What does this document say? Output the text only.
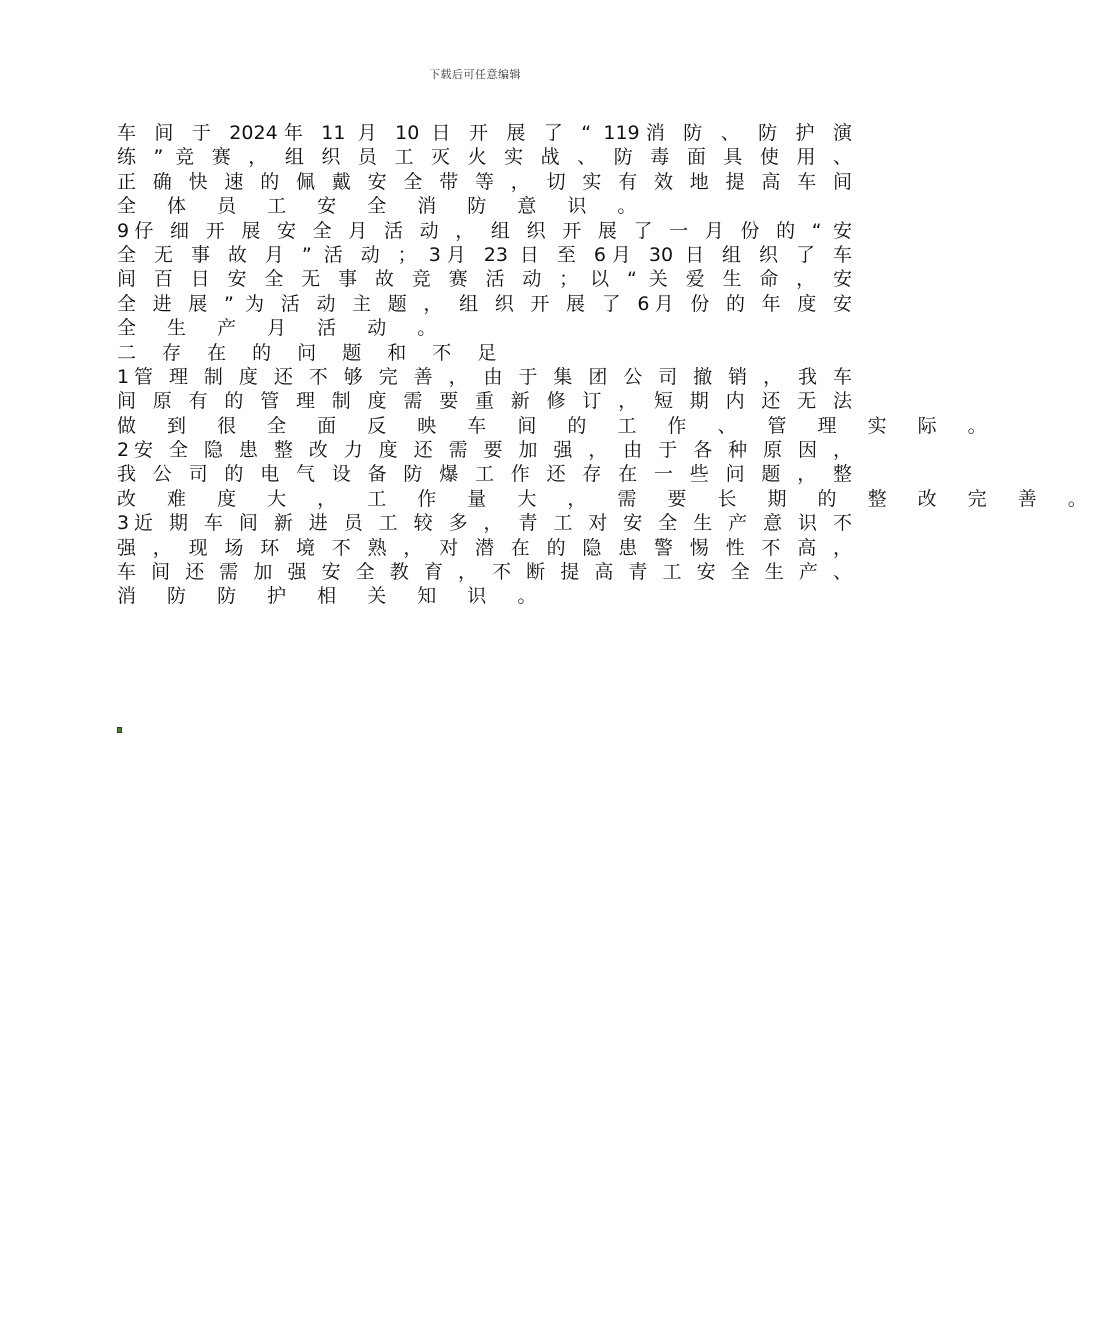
下载后可任意编辑
车 间 于 2024年 11 月 10 日 开 展 了 “ 119消 防 、 防 护 演
练 ” 竞 赛 ， 组 织 员 工 灭 火 实 战 、 防 毒 面 具 使 用 、
正 确 快 速 的 佩 戴 安 全 带 等 ， 切 实 有 效 地 提 高 车 间
全 体 员 工 安 全 消 防 意 识 。
9仔 细 开 展 安 全 月 活 动 ， 组 织 开 展 了 一 月 份 的 “ 安
全 无 事 故 月 ” 活 动 ； 3月 23 日 至 6月 30 日 组 织 了 车
间 百 日 安 全 无 事 故 竞 赛 活 动 ； 以 “ 关 爱 生 命 ， 安
全 进 展 ” 为 活 动 主 题 ， 组 织 开 展 了 6月 份 的 年 度 安
全 生 产 月 活 动 。
二 存 在 的 问 题 和 不 足
1管 理 制 度 还 不 够 完 善 ， 由 于 集 团 公 司 撤 销 ， 我 车
间 原 有 的 管 理 制 度 需 要 重 新 修 订 ， 短 期 内 还 无 法
做 到 很 全 面 反 映 车 间 的 工 作 、 管 理 实 际 。
2安 全 隐 患 整 改 力 度 还 需 要 加 强 ， 由 于 各 种 原 因 ，
我 公 司 的 电 气 设 备 防 爆 工 作 还 存 在 一 些 问 题 ， 整
改 难 度 大 ， 工 作 量 大 ， 需 要 长 期 的 整 改 完 善 。
3近 期 车 间 新 进 员 工 较 多 ， 青 工 对 安 全 生 产 意 识 不
强 ， 现 场 环 境 不 熟 ， 对 潜 在 的 隐 患 警 惕 性 不 高 ，
车 间 还 需 加 强 安 全 教 育 ， 不 断 提 高 青 工 安 全 生 产 、
消 防 防 护 相 关 知 识 。
